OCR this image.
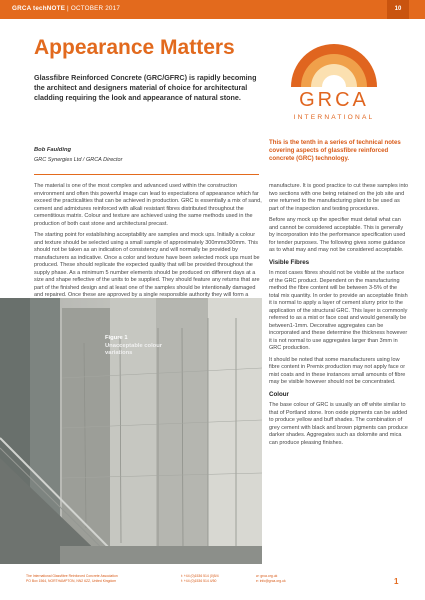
GRCA techNOTE | OCTOBER 2017	10
Appearance Matters

Glassfibre Reinforced Concrete (GRC/GFRC) is rapidly becoming the architect and designers material of choice for architectural cladding requiring the look and appearance of natural stone.	GRCA
INTERNATIONAL
Bob Faulding
GRC Synergies Ltd / GRCA Director
This is the tenth in a series of technical notes covering aspects of glassfibre reinforced concrete (GRC) technology.

The material is one of the most complex and advanced used within the construction environment and often this powerful image can lead to expectations of appearance which far exceed the practicalities that can be achieved in production. GRC is essentially a mix of sand, cement and admixtures reinforced with alkali resistant fibres distributed throughout the cementitious matrix. Colour and texture are achieved using the same methods used in the production of both cast stone and architectural precast.

The starting point for establishing acceptability are samples and mock ups. Initially a colour and texture should be selected using a small sample of approximately 300mmx300mm. This should not be taken as an indication of consistency and will normally be provided by manufacturers as indicative. Once a color and texture have been selected mock ups must be produced. These should replicate the expected quality that will be provided throughout the supply phase. As a minimum 5 number elements should be produced on different days at a size and shape reflective of the units to be supplied. They should feature any returns that are part of the finished design and at least one of the samples should be intentionally damaged and repaired. Once these are approved by a single responsible authority they will form a

Figure 1
Unacceptable colour variations

manufacture. It is good practice to cut these samples into two sections with one being retained on the job site and one returned to the manufacturing plant to be used as part of the inspection and testing procedures.

Before any mock up the specifier must detail what can and cannot be considered acceptable. This is generally by incorporation into the performance specification used for tender purposes. The following gives some guidance as to what may and may not be considered acceptable.

Visible Fibres

In most cases fibres should not be visible at the surface of the GRC product. Dependent on the manufacturing method the fibre content will be between 3-5% of the total mix quantity. In order to provide an acceptable finish it is normal to apply a layer of cement slurry prior to the application of the structural GRC. This layer is commonly referred to as a mist or face coat and would generally be between1-1mm. Decorative aggregates can be incorporated and these determine the thickness however it is not normal to use aggregates larger than 3mm in GRC production.

It should be noted that some manufacturers using low fibre content in Premix production may not apply face or mist coats and in these instances small amounts of fibre may be visible however should not be concentrated.

Colour

The base colour of GRC is usually an off white similar to that of Portland stone. Iron oxide pigments can be added to produce yellow and buff shades. The combination of grey cement with black and brown pigments can produce darker shades. Aggregates such as dolomite and mica can produce pleasing finishes.

The International Glassfibre Reinforced Concrete Association
PO Box 1564, NORTHAMPTON, NN2 6ZZ, United Kingdom
t: +44 (0)1536 514 (0)5/4
f: +44 (0)1536 514 4/50
w: grca.org.uk
e: info@grca.org.uk	1
